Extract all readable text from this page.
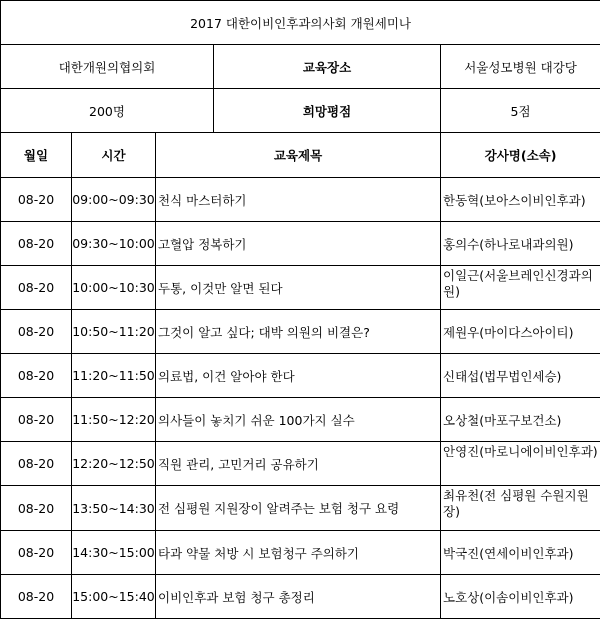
2017 대한이비인후과의사회 개원세미나				
대한개원의협의회			교육장소	서울성모병원 대강당
200명			희망평점	5점
월일	시간	교육제목		강사명(소속)
08-20	09:00~09:30	천식 마스터하기		한동혁(보아스이비인후과)
08-20	09:30~10:00	고혈압 정복하기		홍의수(하나로내과의원)
08-20	10:00~10:30	두통, 이것만 알면 된다		이일근(서울브레인신경과의원)
08-20	10:50~11:20	그것이 알고 싶다; 대박 의원의 비결은?		제원우(마이다스아이티)
08-20	11:20~11:50	의료법, 이건 알아야 한다		신태섭(법무법인세승)
08-20	11:50~12:20	의사들이 놓치기 쉬운 100가지 실수		오상철(마포구보건소)
08-20	12:20~12:50	직원 관리, 고민거리 공유하기		안영진(마로니에이비인후과)
08-20	13:50~14:30	전 심평원 지원장이 알려주는 보험 청구 요령		최유천(전 심평원 수원지원장)
08-20	14:30~15:00	타과 약물 처방 시 보험청구 주의하기		박국진(연세이비인후과)
08-20	15:00~15:40	이비인후과 보험 청구 총정리		노호상(이솜이비인후과)
